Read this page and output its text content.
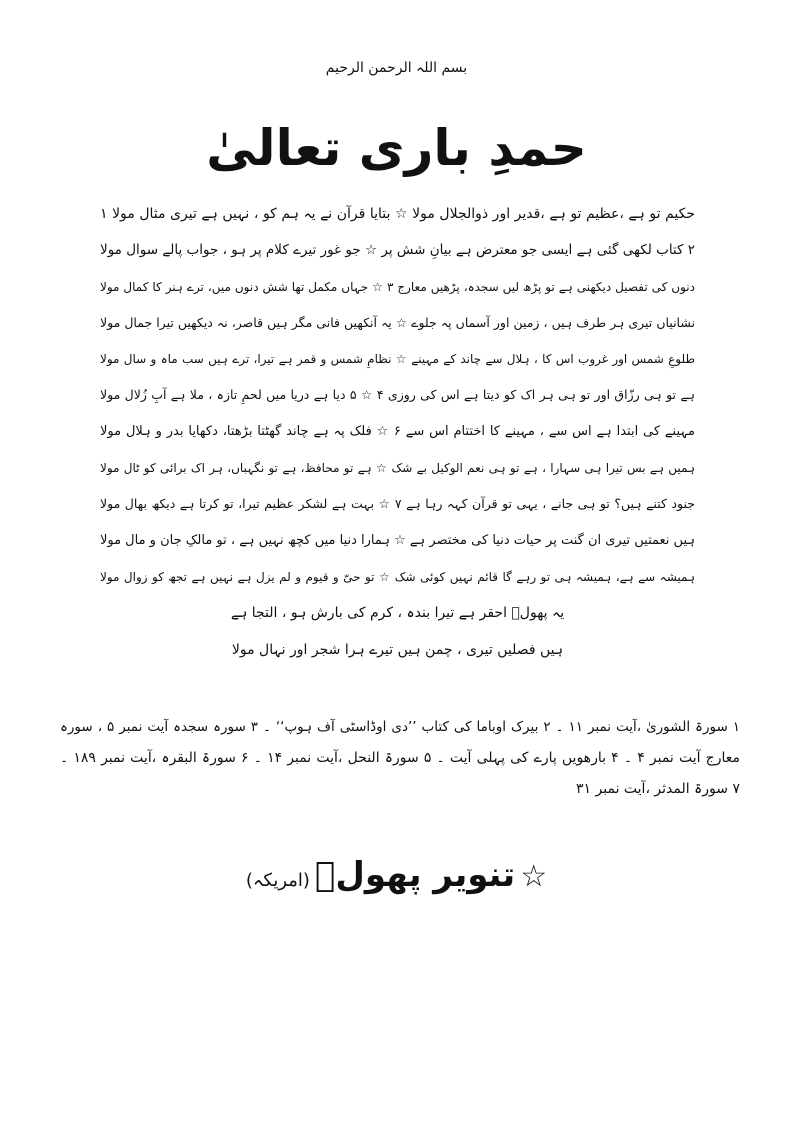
بسم اللہ الرحمن الرحیم
حمدِ باری تعالیٰ
حکیم تو ہے ،عظیم تو ہے ،قدیر اور ذوالجلال مولا ☆ بتایا قرآن نے یہ ہم کو ، نہیں ہے تیری مثال مولا ۱
۲ کتاب لکھی گئی ہے ایسی جو معترض ہے بیانِ شش پر ☆ جو غور تیرے کلام پر ہو ، جواب پالے سوال مولا
دنوں کی تفصیل دیکھنی ہے تو پڑھ لیں سجدہ، پڑھیں معارج ۳ ☆ جہاں مکمل تھا شش دنوں میں، ترے ہنر کا کمال مولا
نشانیاں تیری ہر طرف ہیں ، زمین اور آسماں پہ جلوے ☆ یہ آنکھیں فانی مگر ہیں قاصر، نہ دیکھیں تیرا جمال مولا
طلوعِ شمس اور غروب اس کا ، ہلال سے چاند کے مہینے ☆ نظامِ شمس و قمر ہے تیرا، ترے ہیں سب ماہ و سال مولا
ہے تو ہی رزّاق اور تو ہی ہر اک کو دیتا ہے اس کی روزی ۴ ☆ ۵ دیا ہے دریا میں لحمِ تازہ ، ملا ہے آبِ زُلال مولا
مہینے کی ابتدا ہے اس سے ، مہینے کا اختتام اس سے ۶ ☆ فلک پہ ہے چاند گھٹتا بڑھتا، دکھایا بدر و ہلال مولا
ہمیں ہے بس تیرا ہی سہارا ، ہے تو ہی نعم الوکیل بے شک ☆ ہے تو محافظ، ہے تو نگہباں، ہر اک برائی کو ٹال مولا
جنود کتنے ہیں؟ تو ہی جانے ، یہی تو قرآن کہہ رہا ہے ۷ ☆ بہت ہے لشکر عظیم تیرا، تو کرتا ہے دیکھ بھال مولا
ہیں نعمتیں تیری ان گنت پر حیات دنیا کی مختصر ہے ☆ ہمارا دنیا میں کچھ نہیں ہے ، تو مالکِ جان و مال مولا
ہمیشہ سے ہے، ہمیشہ ہی تو رہے گا قائم نہیں کوئی شک ☆ تو حیّ و قیوم و لم یزل ہے نہیں ہے تجھ کو زوال مولا
یہ پھولؔ احقر ہے تیرا بندہ ، کرم کی بارش ہو ، التجا ہے
ہیں فصلیں تیری ، چمن ہیں تیرے ہرا شجر اور نہال مولا
۱ سورۃ الشوریٰ ،آیت نمبر ۱۱ ۔ ۲ بیرک اوباما کی کتاب ’’دی اوڈاسٹی آف ہوپ‘‘ ۔ ۳ سورہ سجدہ آیت نمبر ۵ ، سورہ
معارج آیت نمبر ۴ ۔ ۴ بارھویں پارے کی پہلی آیت ۔ ۵ سورۃ النحل ،آیت نمبر ۱۴ ۔ ۶ سورۃ البقرہ ،آیت نمبر ۱۸۹ ۔
۷ سورۃ المدثر ،آیت نمبر ۳۱
☆ تنویر پھولؔ (امریکہ)
